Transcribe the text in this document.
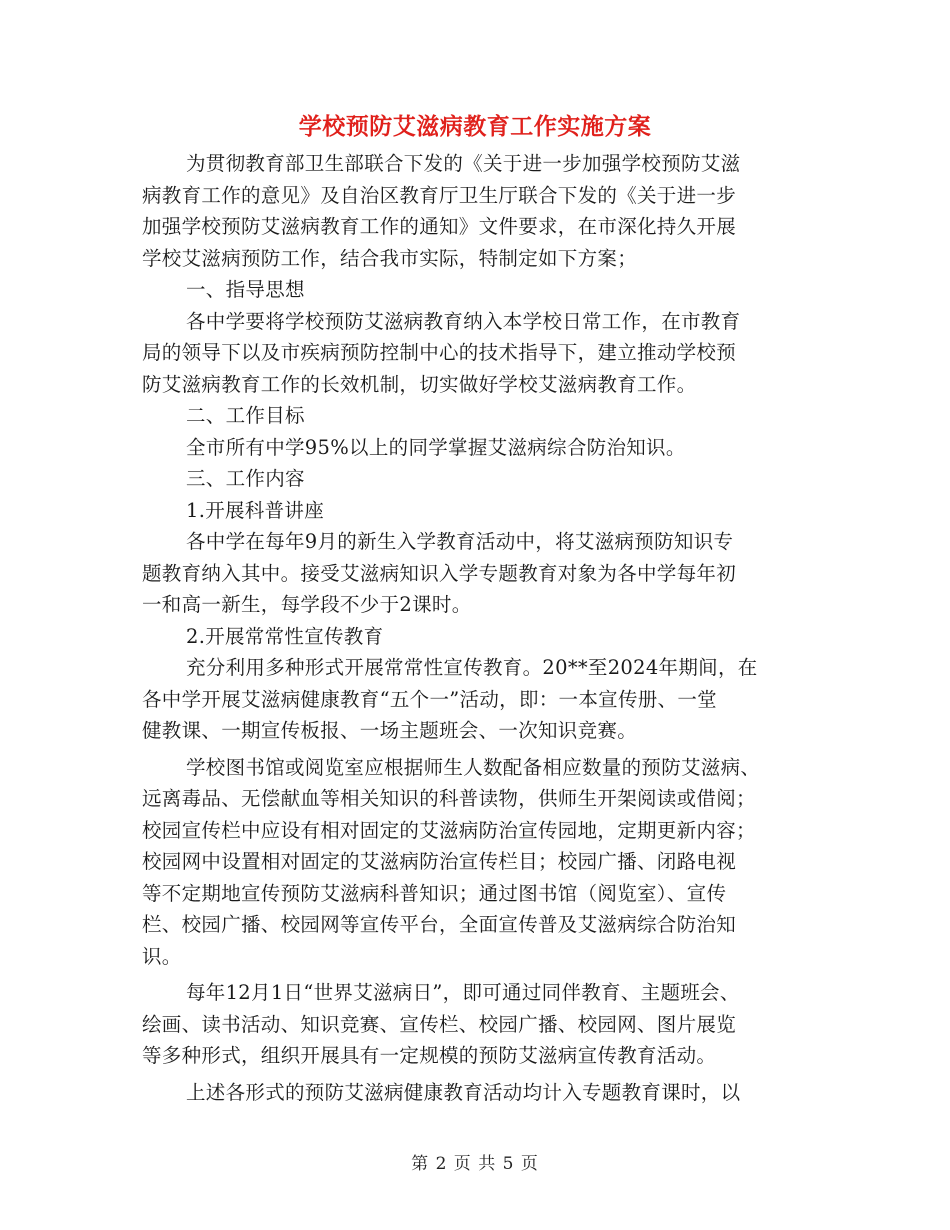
学校预防艾滋病教育工作实施方案
为贯彻教育部卫生部联合下发的《关于进一步加强学校预防艾滋
病教育工作的意见》及自治区教育厅卫生厅联合下发的《关于进一步
加强学校预防艾滋病教育工作的通知》文件要求，在市深化持久开展
学校艾滋病预防工作，结合我市实际，特制定如下方案；
一、指导思想
各中学要将学校预防艾滋病教育纳入本学校日常工作，在市教育
局的领导下以及市疾病预防控制中心的技术指导下，建立推动学校预
防艾滋病教育工作的长效机制，切实做好学校艾滋病教育工作。
二、工作目标
全市所有中学95%以上的同学掌握艾滋病综合防治知识。
三、工作内容
1.开展科普讲座
各中学在每年9月的新生入学教育活动中，将艾滋病预防知识专
题教育纳入其中。接受艾滋病知识入学专题教育对象为各中学每年初
一和高一新生，每学段不少于2课时。
2.开展常常性宣传教育
充分利用多种形式开展常常性宣传教育。20**至2024年期间，在
各中学开展艾滋病健康教育“五个一”活动，即：一本宣传册、一堂
健教课、一期宣传板报、一场主题班会、一次知识竞赛。
学校图书馆或阅览室应根据师生人数配备相应数量的预防艾滋病、
远离毒品、无偿献血等相关知识的科普读物，供师生开架阅读或借阅；
校园宣传栏中应设有相对固定的艾滋病防治宣传园地，定期更新内容；
校园网中设置相对固定的艾滋病防治宣传栏目；校园广播、闭路电视
等不定期地宣传预防艾滋病科普知识；通过图书馆（阅览室）、宣传
栏、校园广播、校园网等宣传平台，全面宣传普及艾滋病综合防治知
识。
每年12月1日“世界艾滋病日”，即可通过同伴教育、主题班会、
绘画、读书活动、知识竞赛、宣传栏、校园广播、校园网、图片展览
等多种形式，组织开展具有一定规模的预防艾滋病宣传教育活动。
上述各形式的预防艾滋病健康教育活动均计入专题教育课时，以
第 2 页 共 5 页
